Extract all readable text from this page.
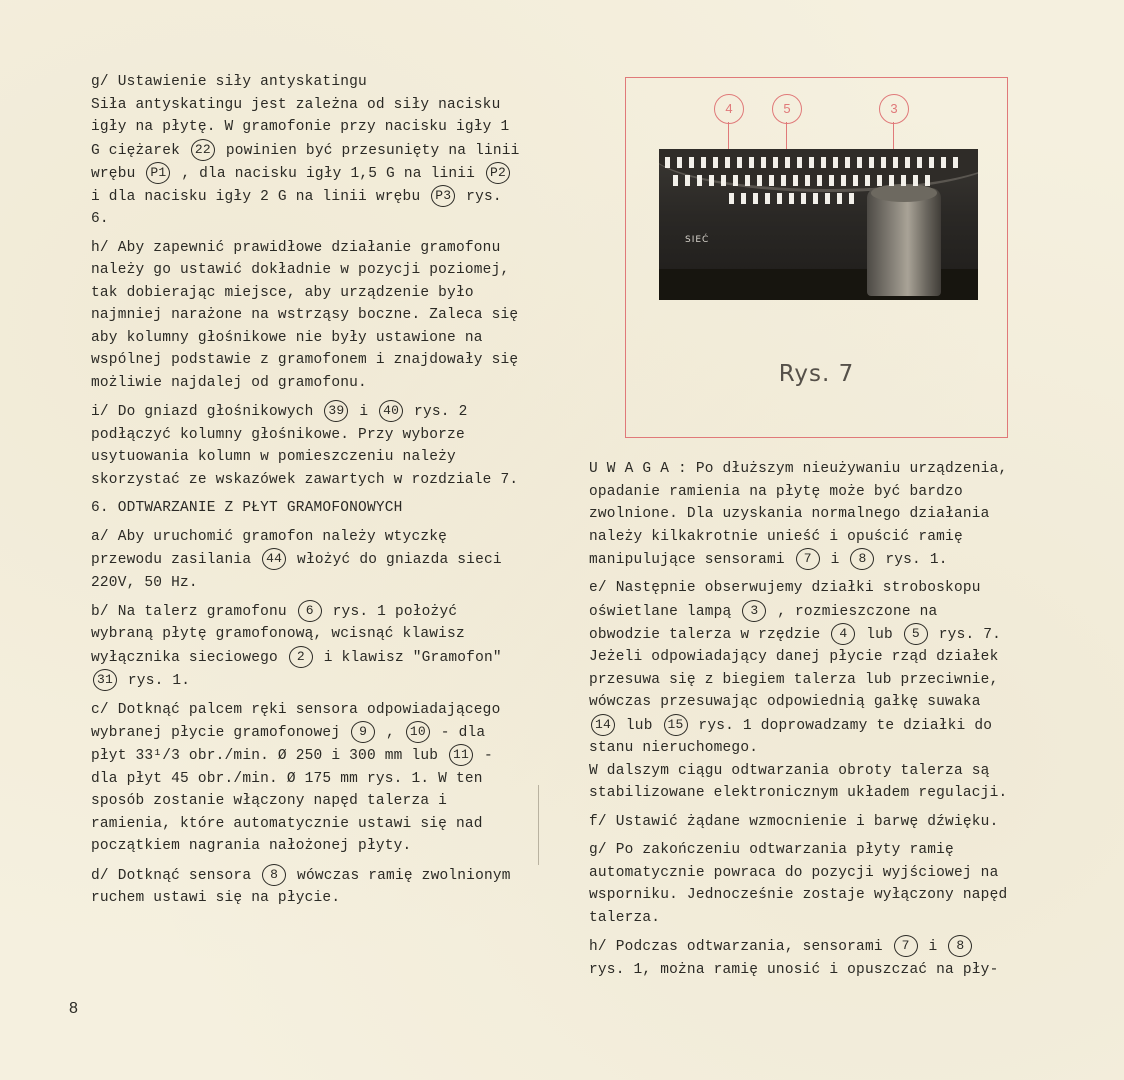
g/ Ustawienie siły antyskatingu
Siła antyskatingu jest zależna od siły nacisku igły na płytę. W gramofonie przy nacisku igły 1 G ciężarek 22 powinien być przesunięty na linii wrębu P1 , dla nacisku igły 1,5 G na linii P2 i dla nacisku igły 2 G na linii wrębu P3 rys. 6.

h/ Aby zapewnić prawidłowe działanie gramofonu należy go ustawić dokładnie w pozycji poziomej, tak dobierając miejsce, aby urządzenie było najmniej narażone na wstrząsy boczne. Zaleca się aby kolumny głośnikowe nie były ustawione na wspólnej podstawie z gramofonem i znajdowały się możliwie najdalej od gramofonu.

i/ Do gniazd głośnikowych 39 i 40 rys. 2 podłączyć kolumny głośnikowe. Przy wyborze usytuowania kolumn w pomieszczeniu należy skorzystać ze wskazówek zawartych w rozdziale 7.

6. ODTWARZANIE Z PŁYT GRAMOFONOWYCH

a/ Aby uruchomić gramofon należy wtyczkę przewodu zasilania 44 włożyć do gniazda sieci 220V, 50 Hz.

b/ Na talerz gramofonu 6 rys. 1 położyć wybraną płytę gramofonową, wcisnąć klawisz wyłącznika sieciowego 2 i klawisz "Gramofon" 31 rys. 1.

c/ Dotknąć palcem ręki sensora odpowiadającego wybranej płycie gramofonowej 9 , 10 - dla płyt 33¹/3 obr./min. Ø 250 i 300 mm lub 11 - dla płyt 45 obr./min. Ø 175 mm rys. 1. W ten sposób zostanie włączony napęd talerza i ramienia, które automatycznie ustawi się nad początkiem nagrania nałożonej płyty.

d/ Dotknąć sensora 8 wówczas ramię zwolnionym ruchem ustawi się na płycie.

4	5	3
SIEĆ
Rys. 7

U W A G A : Po dłuższym nieużywaniu urządzenia, opadanie ramienia na płytę może być bardzo zwolnione. Dla uzyskania normalnego działania należy kilkakrotnie unieść i opuścić ramię manipulujące sensorami 7 i 8 rys. 1.

e/ Następnie obserwujemy działki stroboskopu oświetlane lampą 3 , rozmieszczone na obwodzie talerza w rzędzie 4 lub 5 rys. 7.
Jeżeli odpowiadający danej płycie rząd działek przesuwa się z biegiem talerza lub przeciwnie, wówczas przesuwając odpowiednią gałkę suwaka 14 lub 15 rys. 1 doprowadzamy te działki do stanu nieruchomego.
W dalszym ciągu odtwarzania obroty talerza są stabilizowane elektronicznym układem regulacji.

f/ Ustawić żądane wzmocnienie i barwę dźwięku.

g/ Po zakończeniu odtwarzania płyty ramię automatycznie powraca do pozycji wyjściowej na wsporniku. Jednocześnie zostaje wyłączony napęd talerza.

h/ Podczas odtwarzania, sensorami 7 i 8 rys. 1, można ramię unosić i opuszczać na pły-

8
